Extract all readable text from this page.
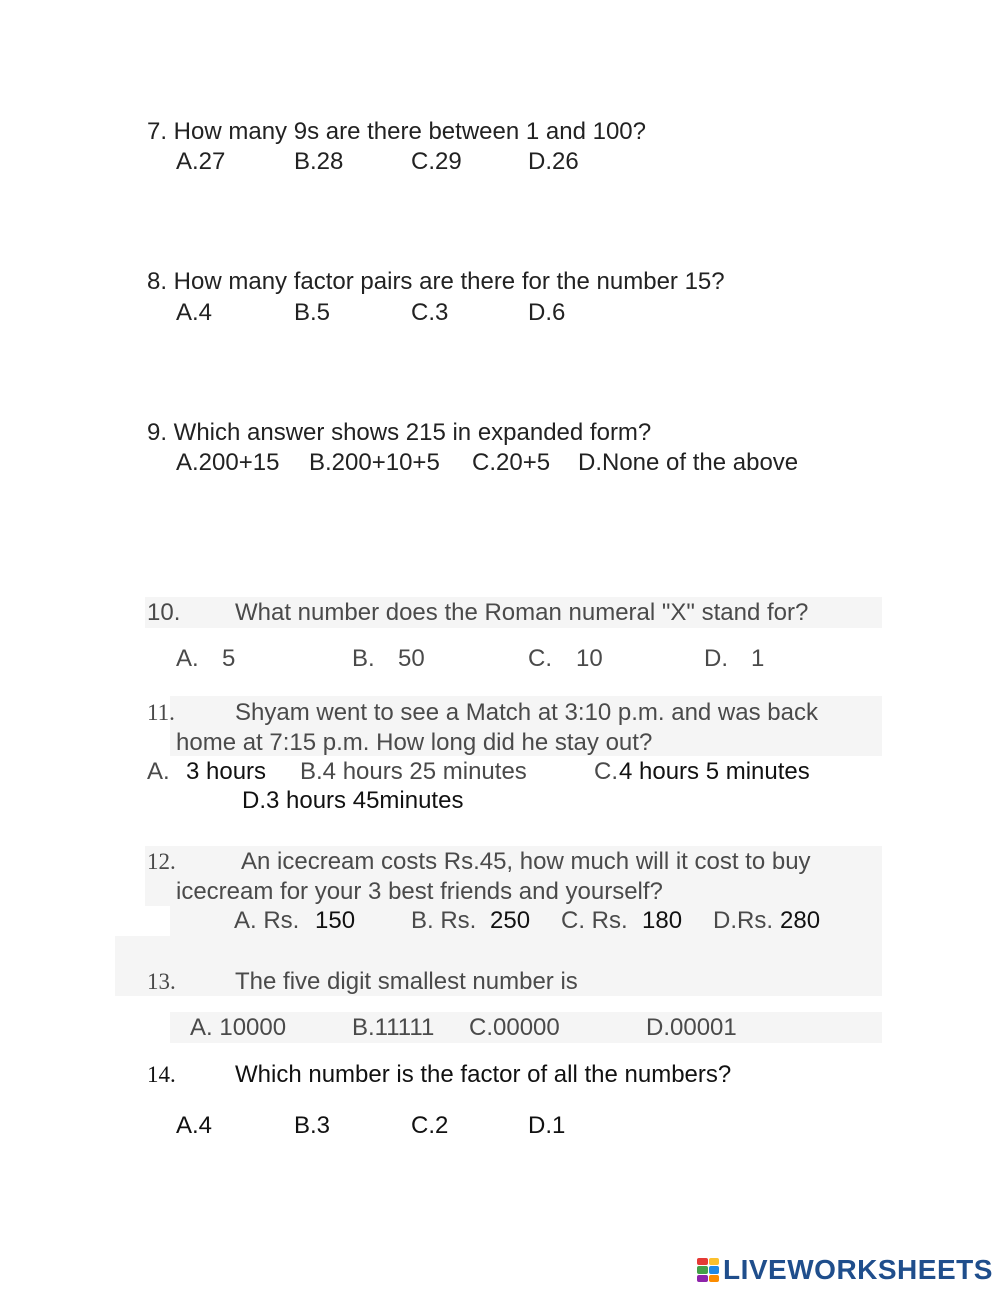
7. How many 9s are there between 1 and 100?
A.27	B.28	C.29	D.26
8. How many factor pairs are there for the number 15?
A.4	B.5	C.3	D.6
9. Which answer shows 215 in expanded form?
A.200+15 B.200+10+5 C.20+5 D.None of the above
10. What number does the Roman numeral "X" stand for?
A. 5	B. 50	C. 10	D. 1
11.	Shyam went to see a Match at 3:10 p.m. and was back
home at 7:15 p.m. How long did he stay out?
A. 3 hours B.4 hours 25 minutes	C. 4 hours 5 minutes
D.3 hours 45minutes
12.	An icecream costs Rs.45, how much will it cost to buy
icecream for your 3 best friends and yourself?
A. Rs. 150 B. Rs. 250 C. Rs. 180 D.Rs. 280
13. The five digit smallest number is
A. 10000	B.11111 C.00000	D.00001
14. Which number is the factor of all the numbers?
A.4	B.3	C.2	D.1
LIVEWORKSHEETS
